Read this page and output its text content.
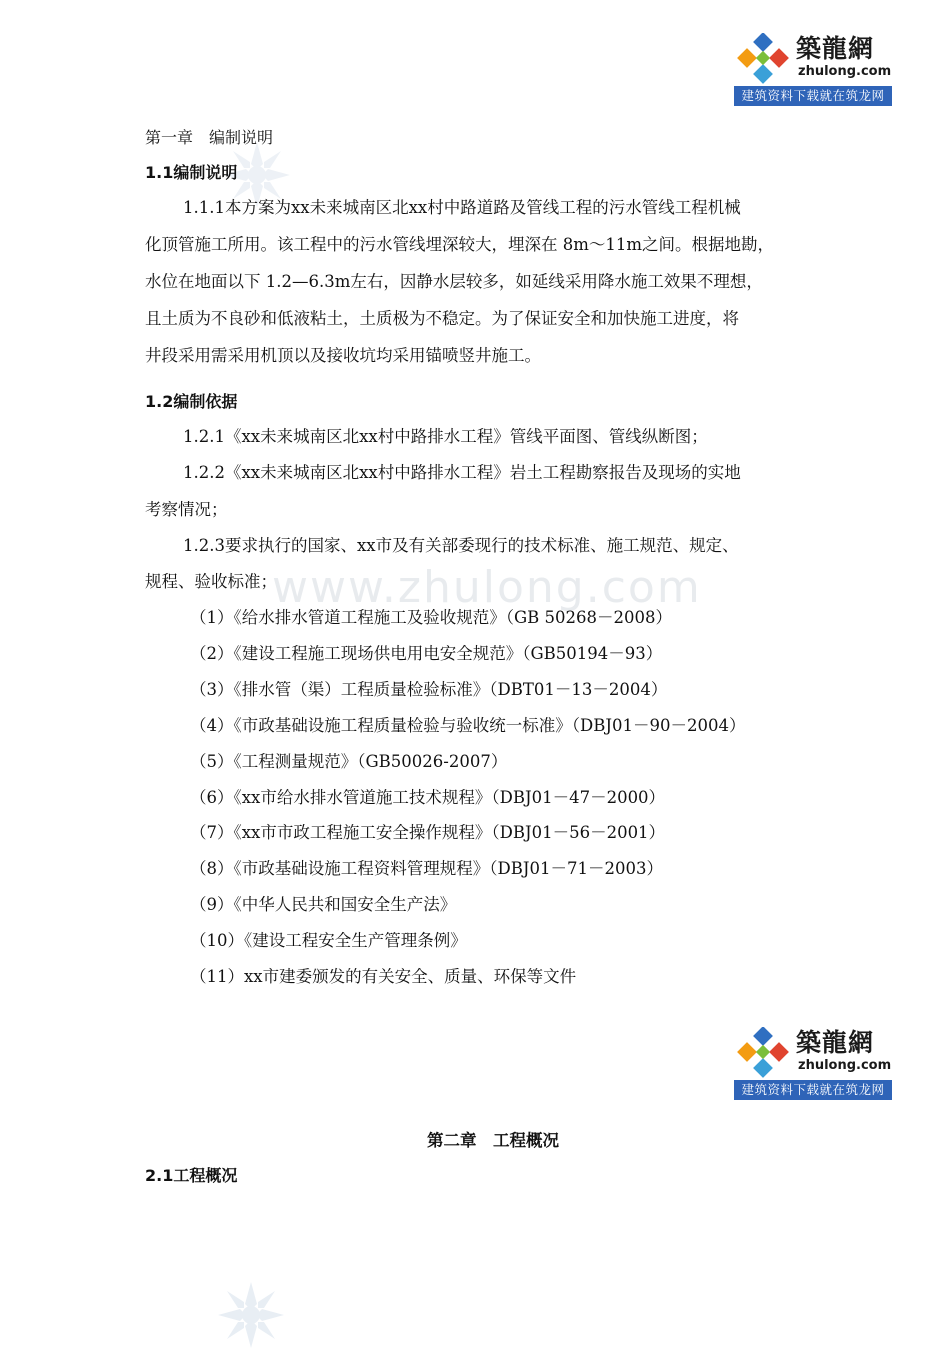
www.zhulong.com
築龍網
zhulong.com
建筑资料下载就在筑龙网
第一章　编制说明
1.1编制说明
1.1.1本方案为xx未来城南区北xx村中路道路及管线工程的污水管线工程机械
化顶管施工所用。该工程中的污水管线埋深较大，埋深在 8m～11m之间。根据地勘，
水位在地面以下 1.2—6.3m左右，因静水层较多，如延线采用降水施工效果不理想，
且土质为不良砂和低液粘土，土质极为不稳定。为了保证安全和加快施工进度，将
井段采用需采用机顶以及接收坑均采用锚喷竖井施工。
1.2编制依据
1.2.1《xx未来城南区北xx村中路排水工程》管线平面图、管线纵断图；
1.2.2《xx未来城南区北xx村中路排水工程》岩土工程勘察报告及现场的实地
考察情况；
1.2.3要求执行的国家、xx市及有关部委现行的技术标准、施工规范、规定、
规程、验收标准；
（1）《给水排水管道工程施工及验收规范》（GB 50268－2008）
（2）《建设工程施工现场供电用电安全规范》（GB50194－93）
（3）《排水管（渠）工程质量检验标准》（DBT01－13－2004）
（4）《市政基础设施工程质量检验与验收统一标准》（DBJ01－90－2004）
（5）《工程测量规范》（GB50026-2007）
（6）《xx市给水排水管道施工技术规程》（DBJ01－47－2000）
（7）《xx市市政工程施工安全操作规程》（DBJ01－56－2001）
（8）《市政基础设施工程资料管理规程》（DBJ01－71－2003）
（9）《中华人民共和国安全生产法》
（10）《建设工程安全生产管理条例》
（11）xx市建委颁发的有关安全、质量、环保等文件
築龍網
zhulong.com
建筑资料下载就在筑龙网
第二章　工程概况
2.1工程概况
